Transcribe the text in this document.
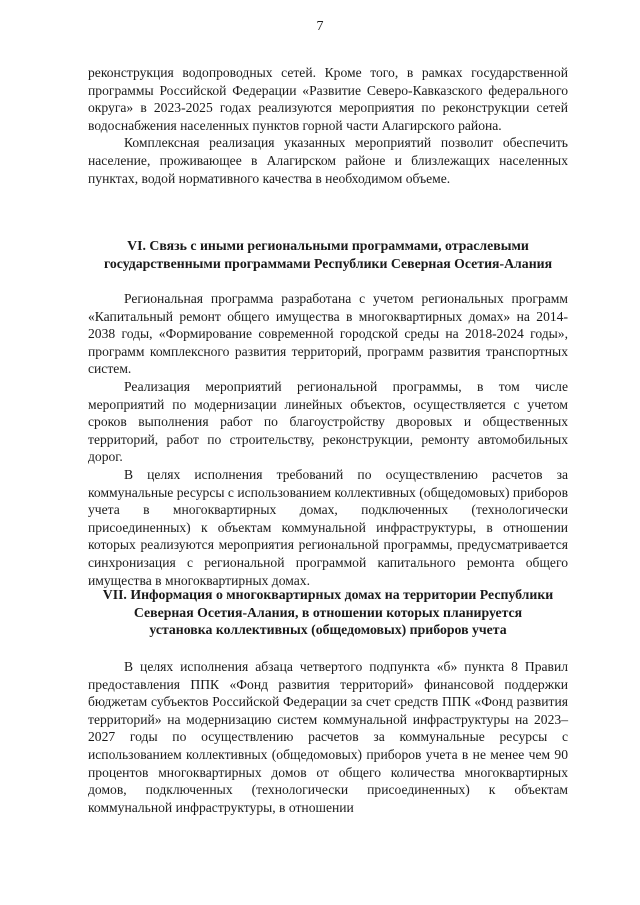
7

реконструкция водопроводных сетей. Кроме того, в рамках государственной программы Российской Федерации «Развитие Северо-Кавказского федерального округа» в 2023-2025 годах реализуются мероприятия по реконструкции сетей водоснабжения населенных пунктов горной части Алагирского района.

Комплексная реализация указанных мероприятий позволит обеспечить население, проживающее в Алагирском районе и близлежащих населенных пунктах, водой нормативного качества в необходимом объеме.

VI. Связь с иными региональными программами, отраслевыми
государственными программами Республики Северная Осетия-Алания

Региональная программа разработана с учетом региональных программ «Капитальный ремонт общего имущества в многоквартирных домах» на 2014-2038 годы, «Формирование современной городской среды на 2018-2024 годы», программ комплексного развития территорий, программ развития транспортных систем.

Реализация мероприятий региональной программы, в том числе мероприятий по модернизации линейных объектов, осуществляется с учетом сроков выполнения работ по благоустройству дворовых и общественных территорий, работ по строительству, реконструкции, ремонту автомобильных дорог.

В целях исполнения требований по осуществлению расчетов за коммунальные ресурсы с использованием коллективных (общедомовых) приборов учета в многоквартирных домах, подключенных (технологически присоединенных) к объектам коммунальной инфраструктуры, в отношении которых реализуются мероприятия региональной программы, предусматривается синхронизация с региональной программой капитального ремонта общего имущества в многоквартирных домах.

VII. Информация о многоквартирных домах на территории Республики
Северная Осетия-Алания, в отношении которых планируется
установка коллективных (общедомовых) приборов учета

В целях исполнения абзаца четвертого подпункта «б» пункта 8 Правил предоставления ППК «Фонд развития территорий» финансовой поддержки бюджетам субъектов Российской Федерации за счет средств ППК «Фонд развития территорий» на модернизацию систем коммунальной инфраструктуры на 2023–2027 годы по осуществлению расчетов за коммунальные ресурсы с использованием коллективных (общедомовых) приборов учета в не менее чем 90 процентов многоквартирных домов от общего количества многоквартирных домов, подключенных (технологически присоединенных) к объектам коммунальной инфраструктуры, в отношении
